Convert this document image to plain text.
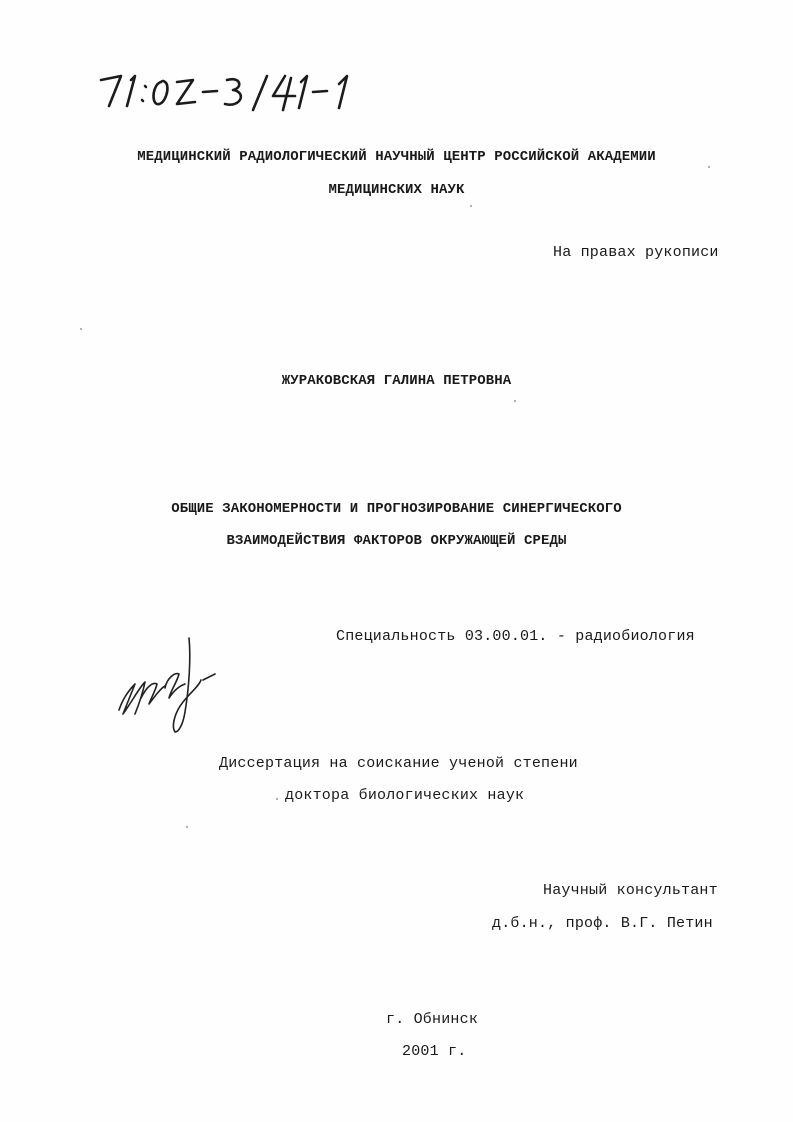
МЕДИЦИНСКИЙ РАДИОЛОГИЧЕСКИЙ НАУЧНЫЙ ЦЕНТР РОССИЙСКОЙ АКАДЕМИИ
МЕДИЦИНСКИХ НАУК
На правах рукописи
ЖУРАКОВСКАЯ ГАЛИНА ПЕТРОВНА
ОБЩИЕ ЗАКОНОМЕРНОСТИ И ПРОГНОЗИРОВАНИЕ СИНЕРГИЧЕСКОГО
ВЗАИМОДЕЙСТВИЯ ФАКТОРОВ ОКРУЖАЮЩЕЙ СРЕДЫ
Специальность 03.00.01. - радиобиология
Диссертация на соискание ученой степени
доктора биологических наук
Научный консультант
д.б.н., проф. В.Г. Петин
г. Обнинск
2001 г.
